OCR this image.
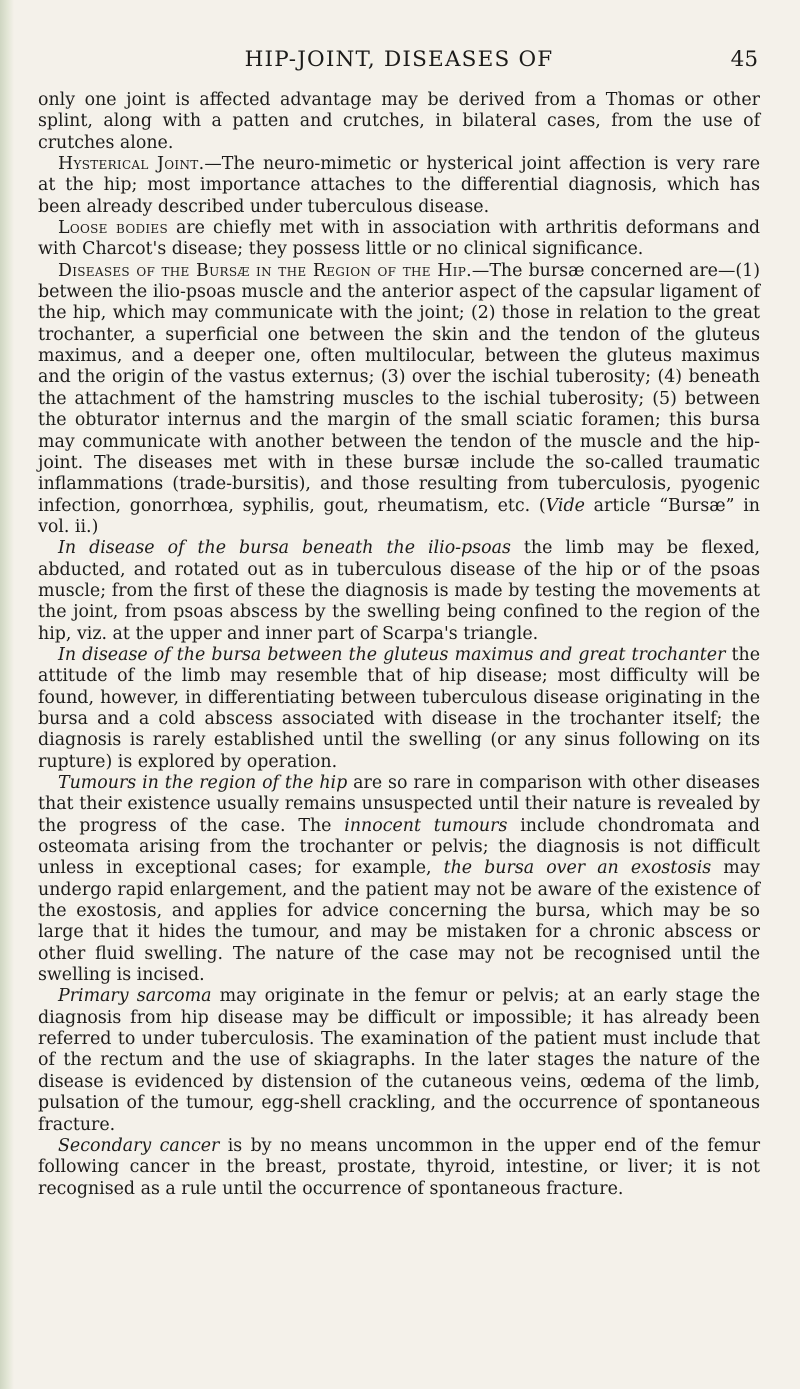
HIP-JOINT, DISEASES OF	45

only one joint is affected advantage may be derived from a Thomas or other splint, along with a patten and crutches, in bilateral cases, from the use of crutches alone.

Hysterical Joint.—The neuro-mimetic or hysterical joint affection is very rare at the hip; most importance attaches to the differential diagnosis, which has been already described under tuberculous disease.

Loose bodies are chiefly met with in association with arthritis deformans and with Charcot's disease; they possess little or no clinical significance.

Diseases of the Bursæ in the Region of the Hip.—The bursæ concerned are—(1) between the ilio-psoas muscle and the anterior aspect of the capsular ligament of the hip, which may communicate with the joint; (2) those in relation to the great trochanter, a superficial one between the skin and the tendon of the gluteus maximus, and a deeper one, often multilocular, between the gluteus maximus and the origin of the vastus externus; (3) over the ischial tuberosity; (4) beneath the attachment of the hamstring muscles to the ischial tuberosity; (5) between the obturator internus and the margin of the small sciatic foramen; this bursa may communicate with another between the tendon of the muscle and the hip-joint. The diseases met with in these bursæ include the so-called traumatic inflammations (trade-bursitis), and those resulting from tuberculosis, pyogenic infection, gonorrhœa, syphilis, gout, rheumatism, etc. (Vide article “Bursæ” in vol. ii.)

In disease of the bursa beneath the ilio-psoas the limb may be flexed, abducted, and rotated out as in tuberculous disease of the hip or of the psoas muscle; from the first of these the diagnosis is made by testing the movements at the joint, from psoas abscess by the swelling being confined to the region of the hip, viz. at the upper and inner part of Scarpa's triangle.

In disease of the bursa between the gluteus maximus and great trochanter the attitude of the limb may resemble that of hip disease; most difficulty will be found, however, in differentiating between tuberculous disease originating in the bursa and a cold abscess associated with disease in the trochanter itself; the diagnosis is rarely established until the swelling (or any sinus following on its rupture) is explored by operation.

Tumours in the region of the hip are so rare in comparison with other diseases that their existence usually remains unsuspected until their nature is revealed by the progress of the case. The innocent tumours include chondromata and osteomata arising from the trochanter or pelvis; the diagnosis is not difficult unless in exceptional cases; for example, the bursa over an exostosis may undergo rapid enlargement, and the patient may not be aware of the existence of the exostosis, and applies for advice concerning the bursa, which may be so large that it hides the tumour, and may be mistaken for a chronic abscess or other fluid swelling. The nature of the case may not be recognised until the swelling is incised.

Primary sarcoma may originate in the femur or pelvis; at an early stage the diagnosis from hip disease may be difficult or impossible; it has already been referred to under tuberculosis. The examination of the patient must include that of the rectum and the use of skiagraphs. In the later stages the nature of the disease is evidenced by distension of the cutaneous veins, œdema of the limb, pulsation of the tumour, egg-shell crackling, and the occurrence of spontaneous fracture.

Secondary cancer is by no means uncommon in the upper end of the femur following cancer in the breast, prostate, thyroid, intestine, or liver; it is not recognised as a rule until the occurrence of spontaneous fracture.
